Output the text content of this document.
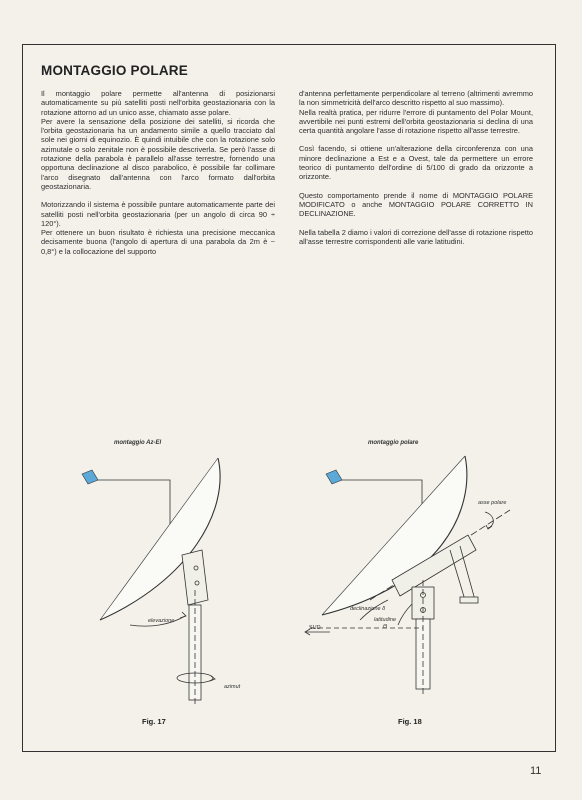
MONTAGGIO POLARE

Il montaggio polare permette all'antenna di posizionarsi automaticamente su più satelliti posti nell'orbita geostazionaria con la rotazione attorno ad un unico asse, chiamato asse polare.

Per avere la sensazione della posizione dei satelliti, si ricorda che l'orbita geostazionaria ha un andamento simile a quello tracciato dal sole nei giorni di equinozio. È quindi intuibile che con la rotazione solo azimutale o solo zenitale non è possibile descriverla. Se però l'asse di rotazione della parabola è parallelo all'asse terrestre, fornendo una opportuna declinazione al disco parabolico, è possibile far collimare l'arco disegnato dall'antenna con l'arco formato dall'orbita geostazionaria.

Motorizzando il sistema è possibile puntare automaticamente parte dei satelliti posti nell'orbita geostazionaria (per un angolo di circa 90 ÷ 120°).

Per ottenere un buon risultato è richiesta una precisione meccanica decisamente buona (l'angolo di apertura di una parabola da 2m è ~ 0,8°) e la collocazione del supporto

d'antenna perfettamente perpendicolare al terreno (altrimenti avremmo la non simmetricità dell'arco descritto rispetto al suo massimo).

Nella realtà pratica, per ridurre l'errore di puntamento del Polar Mount, avvertibile nei punti estremi dell'orbita geostazionaria si declina di una certa quantità angolare l'asse di rotazione rispetto all'asse terrestre.

Così facendo, si ottiene un'alterazione della circonferenza con una minore declinazione a Est e a Ovest, tale da permettere un errore teorico di puntamento dell'ordine di 5/100 di grado da orizzonte a orizzonte.

Questo comportamento prende il nome di MONTAGGIO POLARE MODIFICATO o anche MONTAGGIO POLARE CORRETTO IN DECLINAZIONE.

Nella tabella 2 diamo i valori di correzione dell'asse di rotazione rispetto all'asse terrestre corrispondenti alle varie latitudini.

montaggio Az-El
elevazione
azimut
Fig. 17
montaggio polare
asse polare
declinazione δ
latitudine
Θ
SUD
Fig. 18
11
